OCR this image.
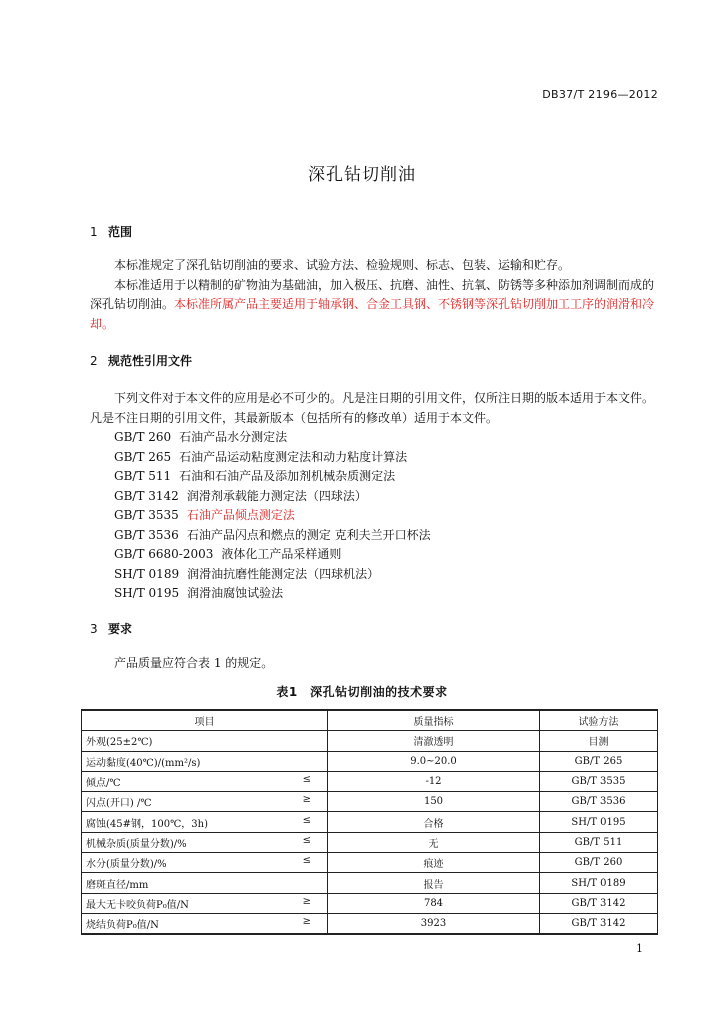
DB37/T 2196—2012
深孔钻切削油
1 范围

本标准规定了深孔钻切削油的要求、试验方法、检验规则、标志、包装、运输和贮存。

本标准适用于以精制的矿物油为基础油，加入极压、抗磨、油性、抗氧、防锈等多种添加剂调制而成的深孔钻切削油。本标准所属产品主要适用于轴承钢、合金工具钢、不锈钢等深孔钻切削加工工序的润滑和冷却。

2 规范性引用文件

下列文件对于本文件的应用是必不可少的。凡是注日期的引用文件，仅所注日期的版本适用于本文件。凡是不注日期的引用文件，其最新版本（包括所有的修改单）适用于本文件。

GB/T 260 石油产品水分测定法
GB/T 265 石油产品运动粘度测定法和动力粘度计算法
GB/T 511 石油和石油产品及添加剂机械杂质测定法
GB/T 3142 润滑剂承载能力测定法（四球法）
GB/T 3535 石油产品倾点测定法
GB/T 3536 石油产品闪点和燃点的测定 克利夫兰开口杯法
GB/T 6680-2003 液体化工产品采样通则
SH/T 0189 润滑油抗磨性能测定法（四球机法）
SH/T 0195 润滑油腐蚀试验法
3 要求

产品质量应符合表 1 的规定。

表1　深孔钻切削油的技术要求
项目	质量指标	试验方法

外观(25±2℃)	清澈透明	目测

运动黏度(40℃)/(mm²/s)	9.0~20.0	GB/T 265

倾点/℃ ≤	-12	GB/T 3535

闪点(开口) /℃ ≥	150	GB/T 3536

腐蚀(45#钢，100℃，3h) ≤	合格	SH/T 0195

机械杂质(质量分数)/% ≤	无	GB/T 511

水分(质量分数)/% ≤	痕迹	GB/T 260

磨斑直径/mm	报告	SH/T 0189

最大无卡咬负荷P₀值/N ≥	784	GB/T 3142

烧结负荷P₀值/N ≥	3923	GB/T 3142
1
